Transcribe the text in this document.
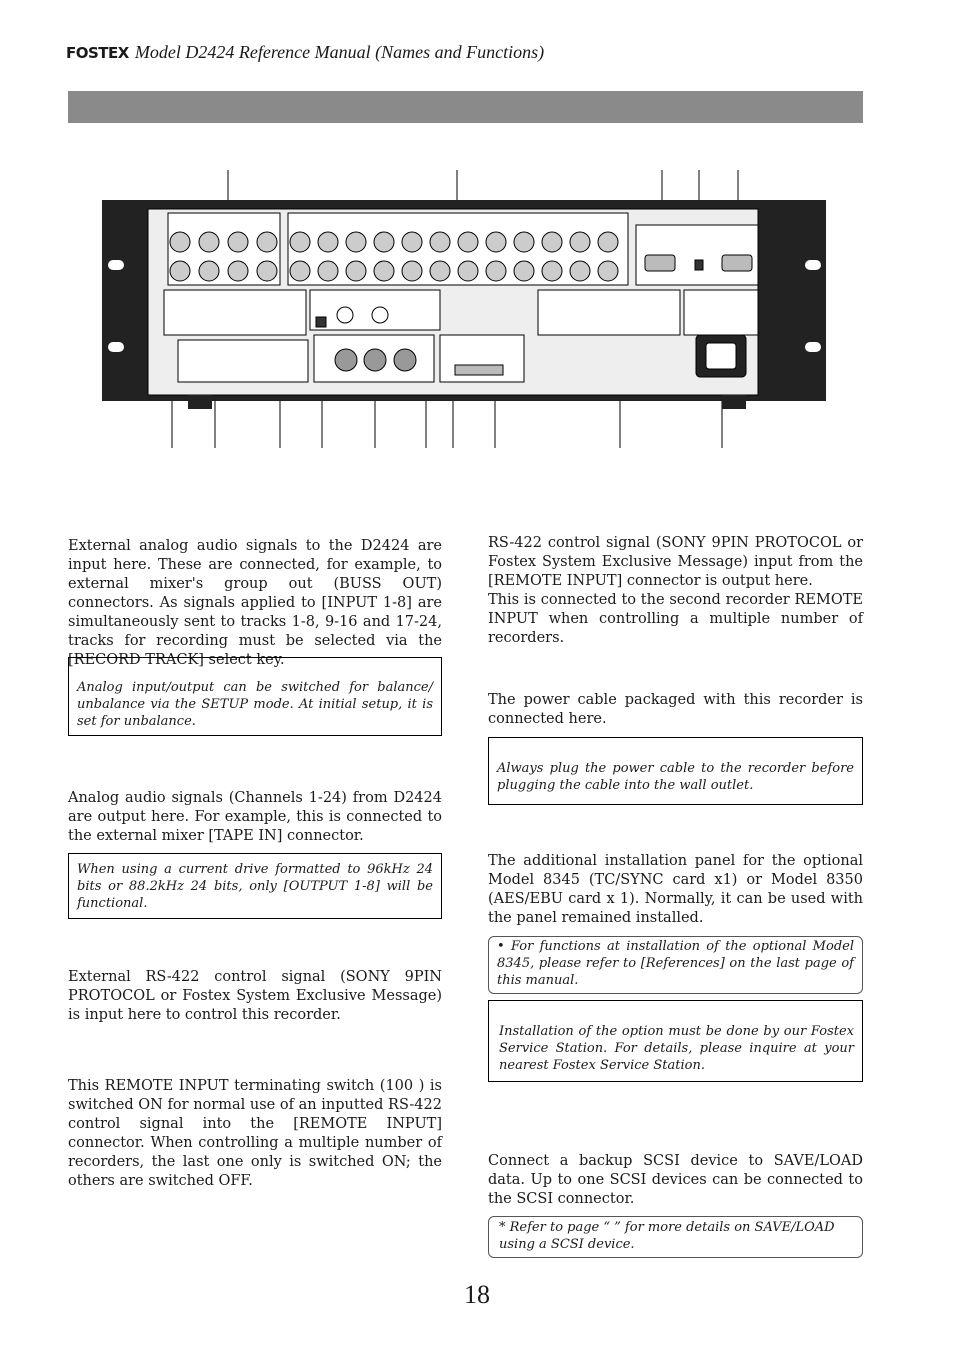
FOSTEX Model D2424 Reference Manual (Names and Functions)

External analog audio signals to the D2424 are input here. These are connected, for example, to external mixer's group out (BUSS OUT) connectors. As signals applied to [INPUT 1-8] are simultaneously sent to tracks 1-8, 9-16 and 17-24, tracks for recording must be selected via the [RECORD TRACK] select key.

Analog input/output can be switched for balance/ unbalance via the SETUP mode. At initial setup, it is set for unbalance.

Analog audio signals (Channels 1-24) from D2424 are output here. For example, this is connected to the external mixer [TAPE IN] connector.

When using a current drive formatted to 96kHz 24 bits or 88.2kHz 24 bits, only [OUTPUT 1-8] will be functional.

External RS-422 control signal (SONY 9PIN PROTOCOL or Fostex System Exclusive Message) is input here to control this recorder.

This REMOTE INPUT terminating switch (100 ) is switched ON for normal use of an inputted RS-422 control signal into the [REMOTE INPUT] connector. When controlling a multiple number of recorders, the last one only is switched ON; the others are switched OFF.

RS-422 control signal (SONY 9PIN PROTOCOL or Fostex System Exclusive Message) input from the [REMOTE INPUT] connector is output here.
This is connected to the second recorder REMOTE INPUT when controlling a multiple number of recorders.

The power cable packaged with this recorder is connected here.

Always plug the power cable to the recorder before plugging the cable into the wall outlet.

The additional installation panel for the optional Model 8345 (TC/SYNC card x1) or Model 8350 (AES/EBU card x 1). Normally, it can be used with the panel remained installed.

• For functions at installation of the optional Model 8345, please refer to [References] on the last page of this manual.
Installation of the option must be done by our Fostex Service Station. For details, please inquire at your nearest Fostex Service Station.

Connect a backup SCSI device to SAVE/LOAD data. Up to one SCSI devices can be connected to the SCSI connector.

* Refer to page “ ” for more details on SAVE/LOAD
using a SCSI device.
18
